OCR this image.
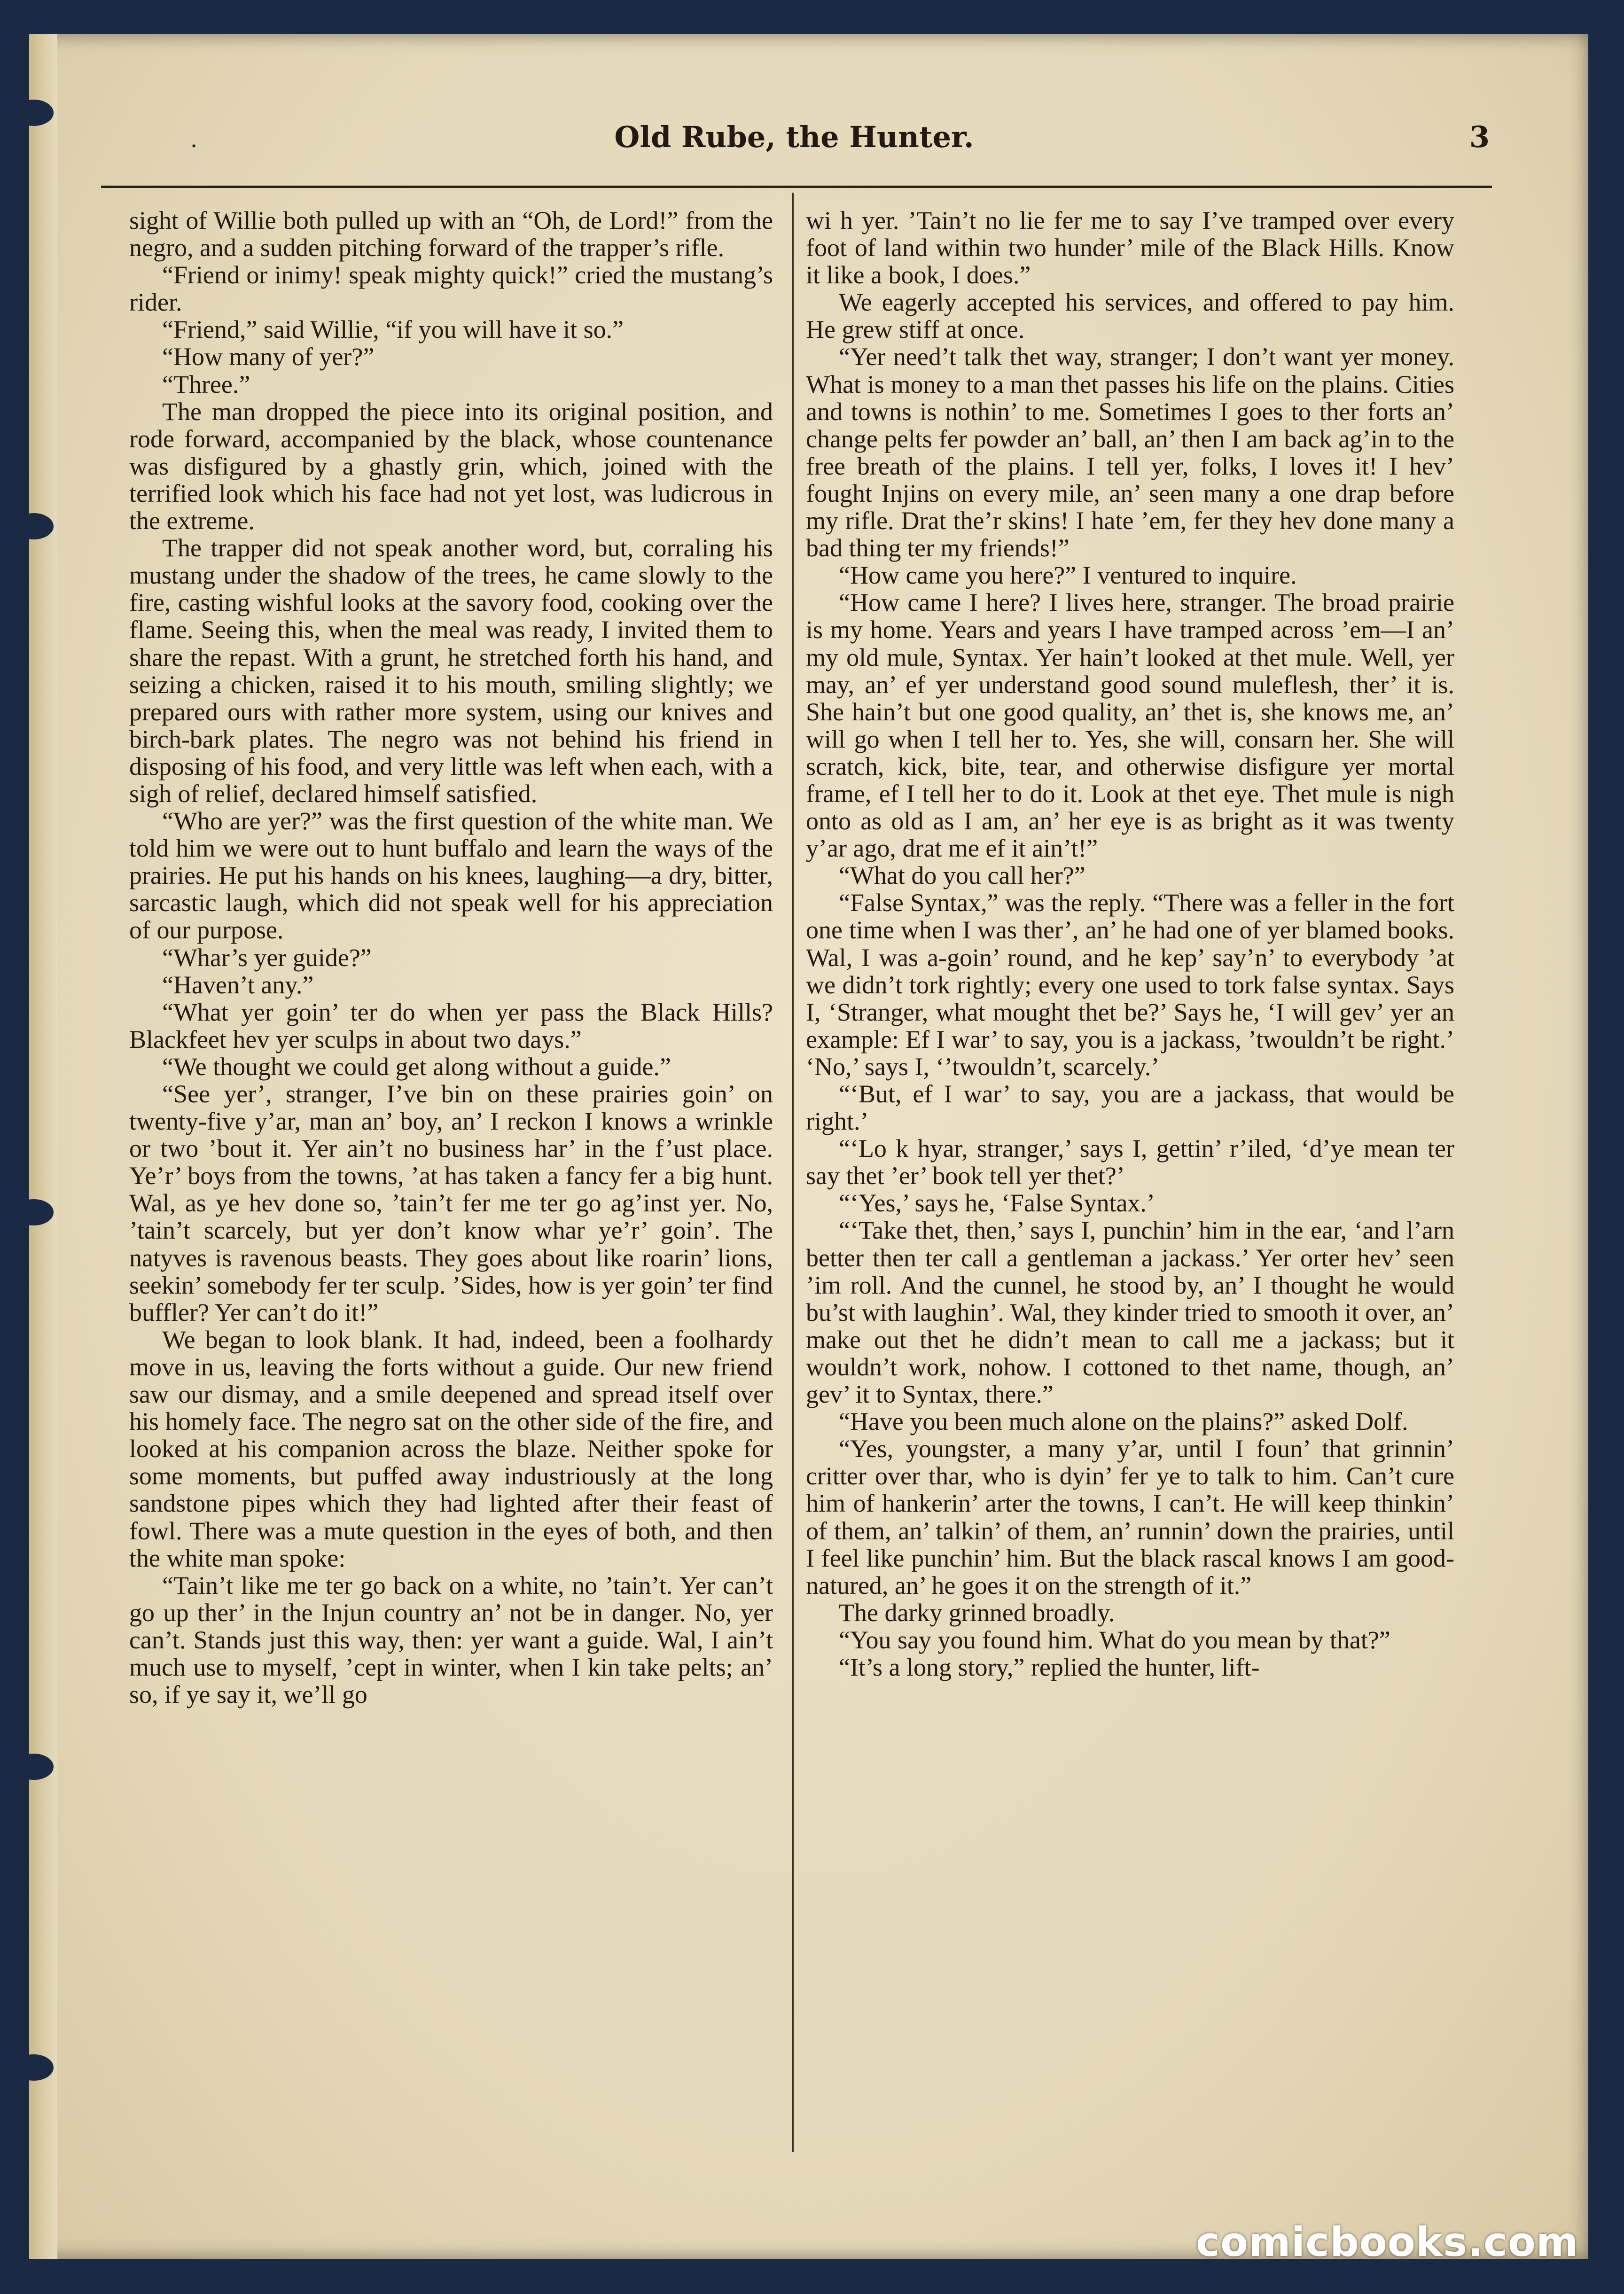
·	Old Rube, the Hunter.	3

sight of Willie both pulled up with an “Oh, de Lord!” from the negro, and a sudden pitching forward of the trapper’s rifle.

“Friend or inimy! speak mighty quick!” cried the mustang’s rider.

“Friend,” said Willie, “if you will have it so.”

“How many of yer?”

“Three.”

The man dropped the piece into its original position, and rode forward, accompanied by the black, whose countenance was disfigured by a ghastly grin, which, joined with the terrified look which his face had not yet lost, was ludicrous in the extreme.

The trapper did not speak another word, but, corraling his mustang under the shadow of the trees, he came slowly to the fire, casting wishful looks at the savory food, cooking over the flame. Seeing this, when the meal was ready, I invited them to share the repast. With a grunt, he stretched forth his hand, and seizing a chicken, raised it to his mouth, smiling slightly; we prepared ours with rather more system, using our knives and birch-bark plates. The negro was not behind his friend in disposing of his food, and very little was left when each, with a sigh of relief, declared himself satisfied.

“Who are yer?” was the first question of the white man. We told him we were out to hunt buffalo and learn the ways of the prairies. He put his hands on his knees, laughing—a dry, bitter, sarcastic laugh, which did not speak well for his appreciation of our purpose.

“Whar’s yer guide?”

“Haven’t any.”

“What yer goin’ ter do when yer pass the Black Hills? Blackfeet hev yer sculps in about two days.”

“We thought we could get along without a guide.”

“See yer’, stranger, I’ve bin on these prairies goin’ on twenty-five y’ar, man an’ boy, an’ I reckon I knows a wrinkle or two ’bout it. Yer ain’t no business har’ in the f’ust place. Ye’r’ boys from the towns, ’at has taken a fancy fer a big hunt. Wal, as ye hev done so, ’tain’t fer me ter go ag’inst yer. No, ’tain’t scarcely, but yer don’t know whar ye’r’ goin’. The natyves is ravenous beasts. They goes about like roarin’ lions, seekin’ somebody fer ter sculp. ’Sides, how is yer goin’ ter find buffler? Yer can’t do it!”

We began to look blank. It had, indeed, been a foolhardy move in us, leaving the forts without a guide. Our new friend saw our dismay, and a smile deepened and spread itself over his homely face. The negro sat on the other side of the fire, and looked at his companion across the blaze. Neither spoke for some moments, but puffed away industriously at the long sandstone pipes which they had lighted after their feast of fowl. There was a mute question in the eyes of both, and then the white man spoke:

“Tain’t like me ter go back on a white, no ’tain’t. Yer can’t go up ther’ in the Injun country an’ not be in danger. No, yer can’t. Stands just this way, then: yer want a guide. Wal, I ain’t much use to myself, ’cept in winter, when I kin take pelts; an’ so, if ye say it, we’ll go

wi h yer. ’Tain’t no lie fer me to say I’ve tramped over every foot of land within two hunder’ mile of the Black Hills. Know it like a book, I does.”

We eagerly accepted his services, and offered to pay him. He grew stiff at once.

“Yer need’t talk thet way, stranger; I don’t want yer money. What is money to a man thet passes his life on the plains. Cities and towns is nothin’ to me. Sometimes I goes to ther forts an’ change pelts fer powder an’ ball, an’ then I am back ag’in to the free breath of the plains. I tell yer, folks, I loves it! I hev’ fought Injins on every mile, an’ seen many a one drap before my rifle. Drat the’r skins! I hate ’em, fer they hev done many a bad thing ter my friends!”

“How came you here?” I ventured to inquire.

“How came I here? I lives here, stranger. The broad prairie is my home. Years and years I have tramped across ’em—I an’ my old mule, Syntax. Yer hain’t looked at thet mule. Well, yer may, an’ ef yer understand good sound muleflesh, ther’ it is. She hain’t but one good quality, an’ thet is, she knows me, an’ will go when I tell her to. Yes, she will, consarn her. She will scratch, kick, bite, tear, and otherwise disfigure yer mortal frame, ef I tell her to do it. Look at thet eye. Thet mule is nigh onto as old as I am, an’ her eye is as bright as it was twenty y’ar ago, drat me ef it ain’t!”

“What do you call her?”

“False Syntax,” was the reply. “There was a feller in the fort one time when I was ther’, an’ he had one of yer blamed books. Wal, I was a-goin’ round, and he kep’ say’n’ to everybody ’at we didn’t tork rightly; every one used to tork false syntax. Says I, ‘Stranger, what mought thet be?’ Says he, ‘I will gev’ yer an example: Ef I war’ to say, you is a jackass, ’twouldn’t be right.’ ‘No,’ says I, ‘’twouldn’t, scarcely.’

“‘But, ef I war’ to say, you are a jackass, that would be right.’

“‘Lo k hyar, stranger,’ says I, gettin’ r’iled, ‘d’ye mean ter say thet ’er’ book tell yer thet?’

“‘Yes,’ says he, ‘False Syntax.’

“‘Take thet, then,’ says I, punchin’ him in the ear, ‘and l’arn better then ter call a gentleman a jackass.’ Yer orter hev’ seen ’im roll. And the cunnel, he stood by, an’ I thought he would bu’st with laughin’. Wal, they kinder tried to smooth it over, an’ make out thet he didn’t mean to call me a jackass; but it wouldn’t work, nohow. I cottoned to thet name, though, an’ gev’ it to Syntax, there.”

“Have you been much alone on the plains?” asked Dolf.

“Yes, youngster, a many y’ar, until I foun’ that grinnin’ critter over thar, who is dyin’ fer ye to talk to him. Can’t cure him of hankerin’ arter the towns, I can’t. He will keep thinkin’ of them, an’ talkin’ of them, an’ runnin’ down the prairies, until I feel like punchin’ him. But the black rascal knows I am good-natured, an’ he goes it on the strength of it.”

The darky grinned broadly.

“You say you found him. What do you mean by that?”

“It’s a long story,” replied the hunter, lift-

comicbooks.com
